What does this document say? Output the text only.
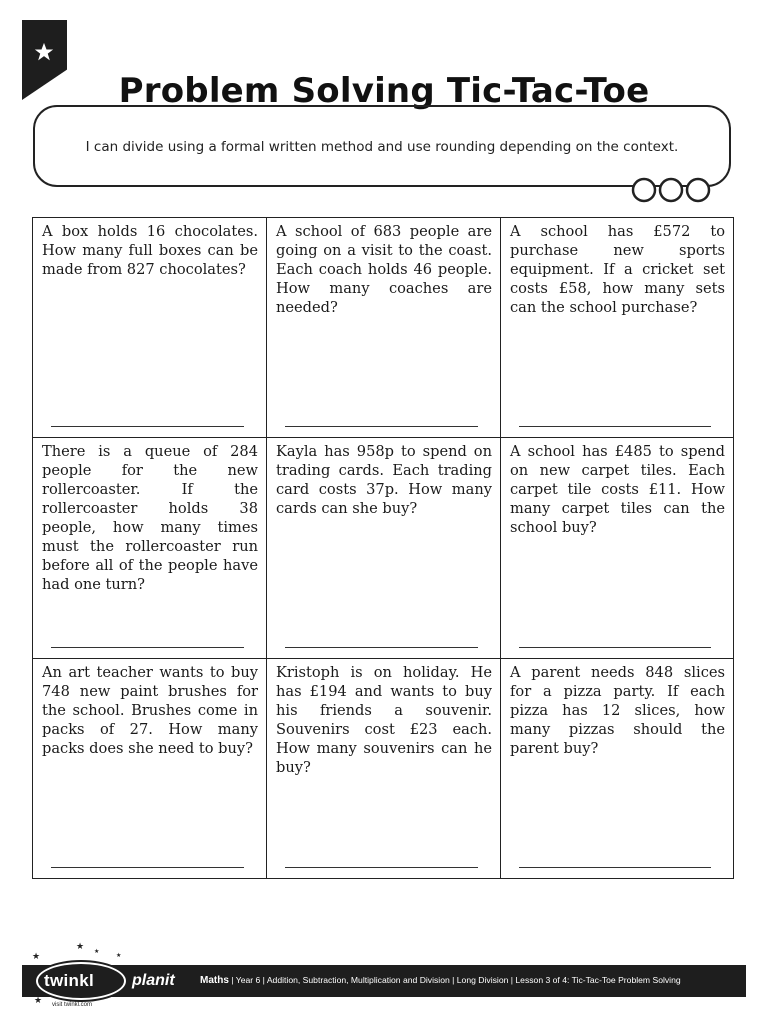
Problem Solving Tic-Tac-Toe
I can divide using a formal written method and use rounding depending on the context.

A box holds 16 chocolates. How many full boxes can be made from 827 chocolates?

A school of 683 people are going on a visit to the coast. Each coach holds 46 people. How many coaches are needed?

A school has £572 to purchase new sports equipment. If a cricket set costs £58, how many sets can the school purchase?

There is a queue of 284 people for the new rollercoaster. If the rollercoaster holds 38 people, how many times must the rollercoaster run before all of the people have had one turn?

Kayla has 958p to spend on trading cards. Each trading card costs 37p. How many cards can she buy?

A school has £485 to spend on new carpet tiles. Each carpet tile costs £11. How many carpet tiles can the school buy?

An art teacher wants to buy 748 new paint brushes for the school. Brushes come in packs of 27. How many packs does she need to buy?

Kristoph is on holiday. He has £194 and wants to buy his friends a souvenir. Souvenirs cost £23 each. How many souvenirs can he buy?

A parent needs 848 slices for a pizza party. If each pizza has 12 slices, how many pizzas should the parent buy?

Maths | Year 6 | Addition, Subtraction, Multiplication and Division | Long Division | Lesson 3 of 4: Tic-Tac-Toe Problem Solving
★
★ ★
★
★
twinkl planit
visit twinkl.com
